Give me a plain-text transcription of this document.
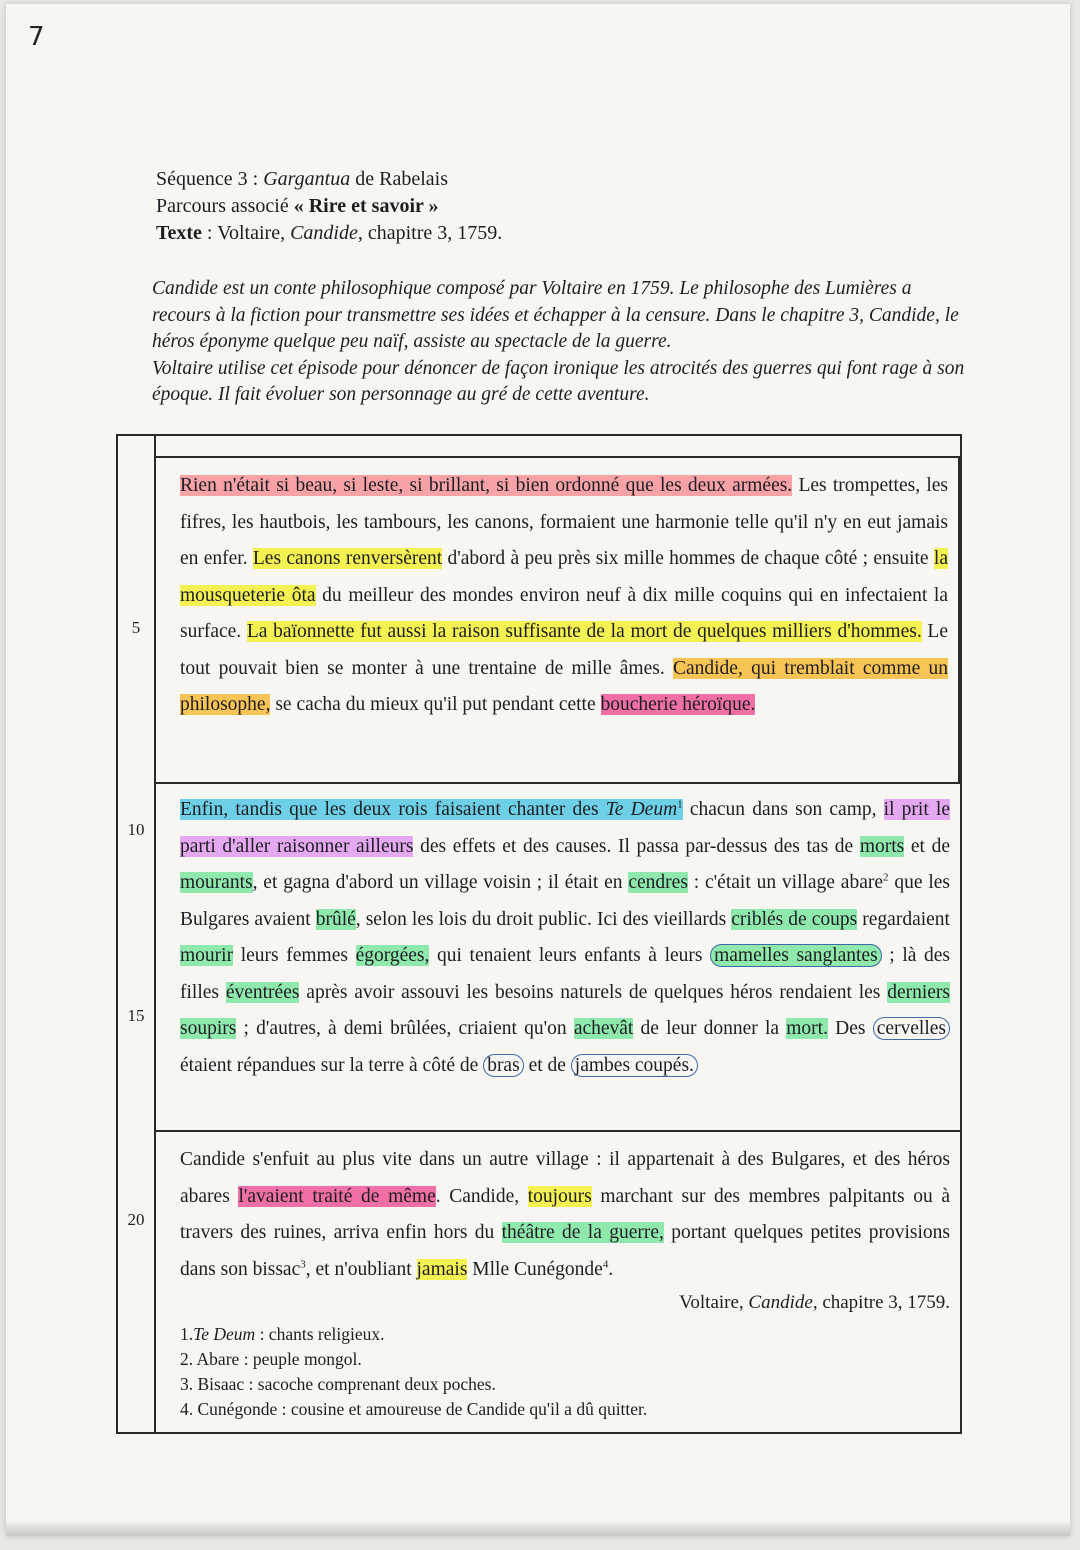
7
Séquence 3 : Gargantua de Rabelais
Parcours associé « Rire et savoir »
Texte : Voltaire, Candide, chapitre 3, 1759.

Candide est un conte philosophique composé par Voltaire en 1759. Le philosophe des Lumières a recours à la fiction pour transmettre ses idées et échapper à la censure. Dans le chapitre 3, Candide, le héros éponyme quelque peu naïf, assiste au spectacle de la guerre.

Voltaire utilise cet épisode pour dénoncer de façon ironique les atrocités des guerres qui font rage à son époque. Il fait évoluer son personnage au gré de cette aventure.

5
10
15
20

Rien n'était si beau, si leste, si brillant, si bien ordonné que les deux armées. Les trompettes, les fifres, les hautbois, les tambours, les canons, formaient une harmonie telle qu'il n'y en eut jamais en enfer. Les canons renversèrent d'abord à peu près six mille hommes de chaque côté ; ensuite la mousqueterie ôta du meilleur des mondes environ neuf à dix mille coquins qui en infectaient la surface. La baïonnette fut aussi la raison suffisante de la mort de quelques milliers d'hommes. Le tout pouvait bien se monter à une trentaine de mille âmes. Candide, qui tremblait comme un philosophe, se cacha du mieux qu'il put pendant cette boucherie héroïque.

Enfin, tandis que les deux rois faisaient chanter des Te Deum$^1$ chacun dans son camp, il prit le parti d'aller raisonner ailleurs des effets et des causes. Il passa par-dessus des tas de morts et de mourants, et gagna d'abord un village voisin ; il était en cendres : c'était un village abare$^2$ que les Bulgares avaient brûlé, selon les lois du droit public. Ici des vieillards criblés de coups regardaient mourir leurs femmes égorgées, qui tenaient leurs enfants à leurs mamelles sanglantes ; là des filles éventrées après avoir assouvi les besoins naturels de quelques héros rendaient les derniers soupirs ; d'autres, à demi brûlées, criaient qu'on achevât de leur donner la mort. Des cervelles étaient répandues sur la terre à côté de bras et de jambes coupés.

Candide s'enfuit au plus vite dans un autre village : il appartenait à des Bulgares, et des héros abares l'avaient traité de même. Candide, toujours marchant sur des membres palpitants ou à travers des ruines, arriva enfin hors du théâtre de la guerre, portant quelques petites provisions dans son bissac$^3$, et n'oubliant jamais Mlle Cunégonde$^4$.

Voltaire, Candide, chapitre 3, 1759.
1.Te Deum : chants religieux.
2. Abare : peuple mongol.
3. Bisaac : sacoche comprenant deux poches.
4. Cunégonde : cousine et amoureuse de Candide qu'il a dû quitter.
